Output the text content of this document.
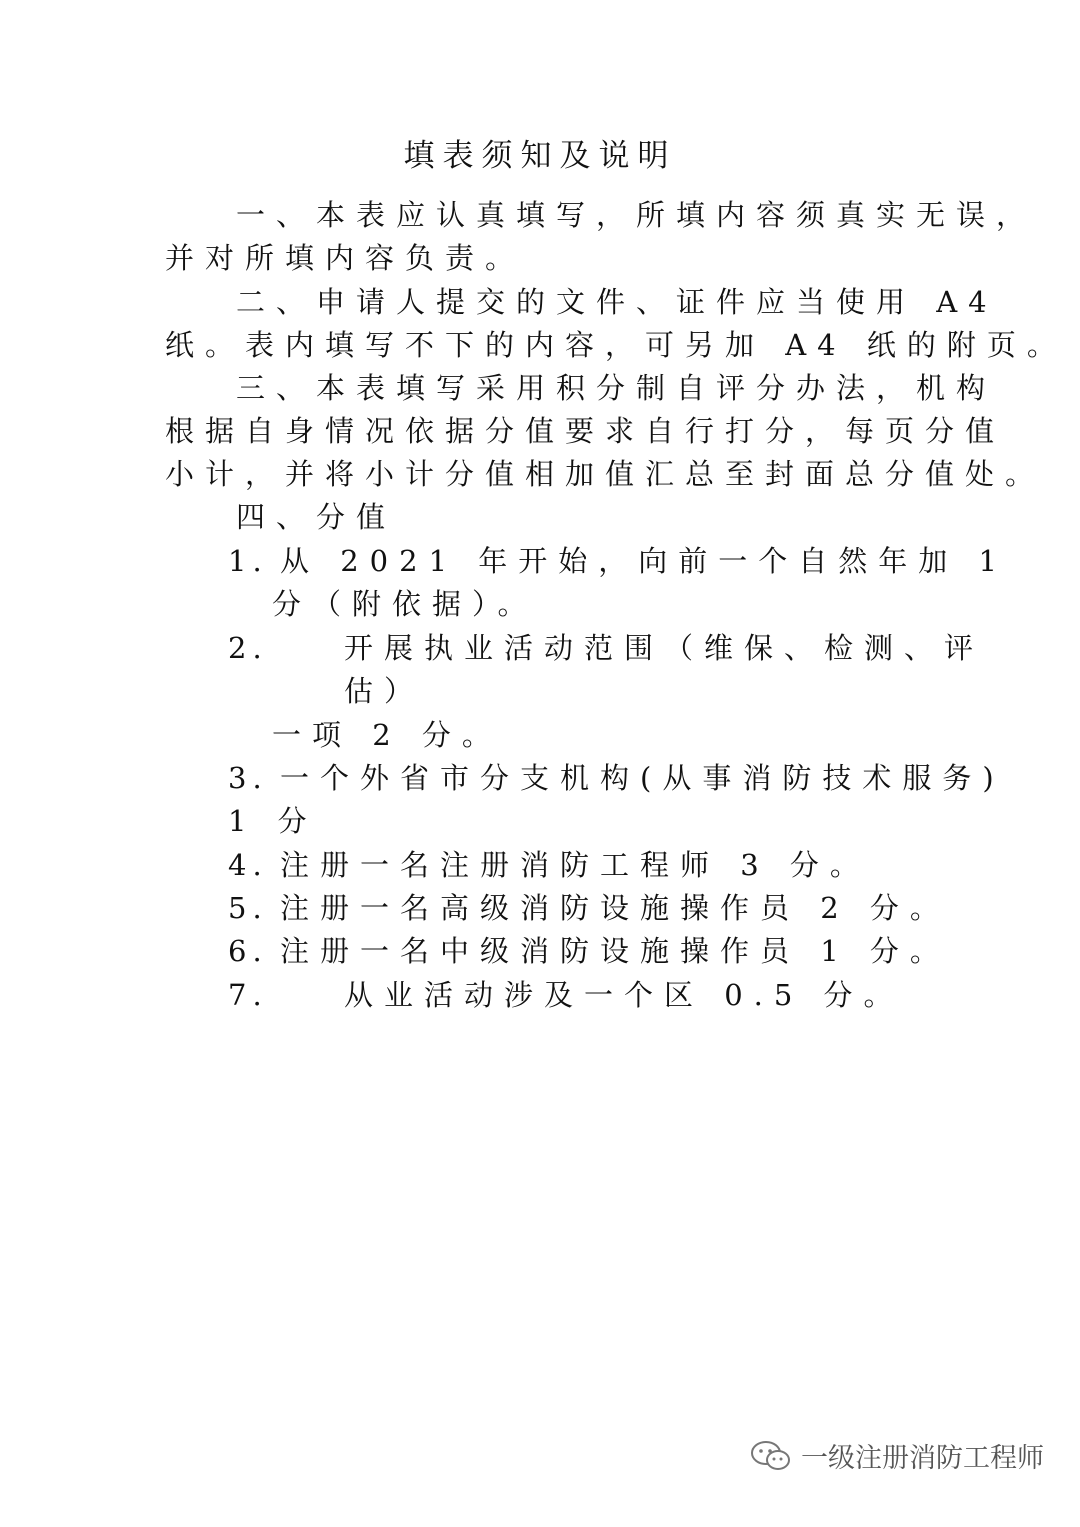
填表须知及说明
一、本表应认真填写，所填内容须真实无误，
并对所填内容负责。
二、申请人提交的文件、证件应当使用 A4
纸。表内填写不下的内容，可另加 A4 纸的附页。
三、本表填写采用积分制自评分办法，机构
根据自身情况依据分值要求自行打分，每页分值
小计，并将小计分值相加值汇总至封面总分值处。
四、分值
1. 从 2021 年开始，向前一个自然年加 1
分（附依据）。
2.	开展执业活动范围（维保、检测、评
估）
一项 2 分。
3. 一个外省市分支机构(从事消防技术服务)
1 分
4. 注册一名注册消防工程师 3 分。
5. 注册一名高级消防设施操作员 2 分。
6. 注册一名中级消防设施操作员 1 分。
7.	从业活动涉及一个区 0.5 分。
一级注册消防工程师
